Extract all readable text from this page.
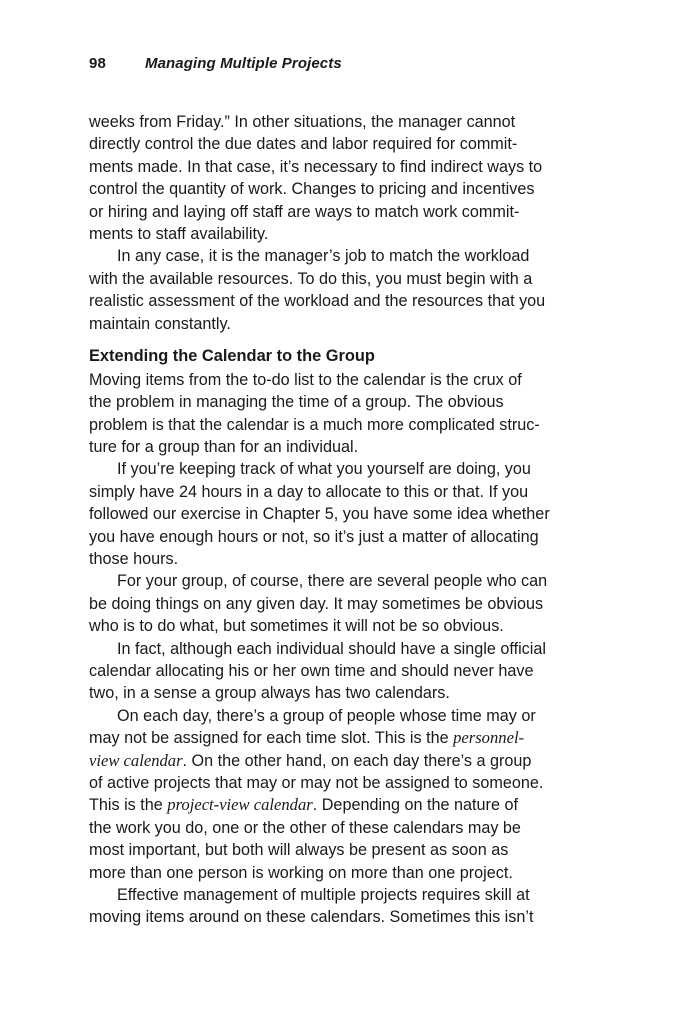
98	Managing Multiple Projects
weeks from Friday.” In other situations, the manager cannot
directly control the due dates and labor required for commit-
ments made. In that case, it’s necessary to find indirect ways to
control the quantity of work. Changes to pricing and incentives
or hiring and laying off staff are ways to match work commit-
ments to staff availability.
In any case, it is the manager’s job to match the workload
with the available resources. To do this, you must begin with a
realistic assessment of the workload and the resources that you
maintain constantly.
Extending the Calendar to the Group
Moving items from the to-do list to the calendar is the crux of
the problem in managing the time of a group. The obvious
problem is that the calendar is a much more complicated struc-
ture for a group than for an individual.
If you’re keeping track of what you yourself are doing, you
simply have 24 hours in a day to allocate to this or that. If you
followed our exercise in Chapter 5, you have some idea whether
you have enough hours or not, so it’s just a matter of allocating
those hours.
For your group, of course, there are several people who can
be doing things on any given day. It may sometimes be obvious
who is to do what, but sometimes it will not be so obvious.
In fact, although each individual should have a single official
calendar allocating his or her own time and should never have
two, in a sense a group always has two calendars.
On each day, there’s a group of people whose time may or
may not be assigned for each time slot. This is the personnel-
view calendar. On the other hand, on each day there’s a group
of active projects that may or may not be assigned to someone.
This is the project-view calendar. Depending on the nature of
the work you do, one or the other of these calendars may be
most important, but both will always be present as soon as
more than one person is working on more than one project.
Effective management of multiple projects requires skill at
moving items around on these calendars. Sometimes this isn’t
